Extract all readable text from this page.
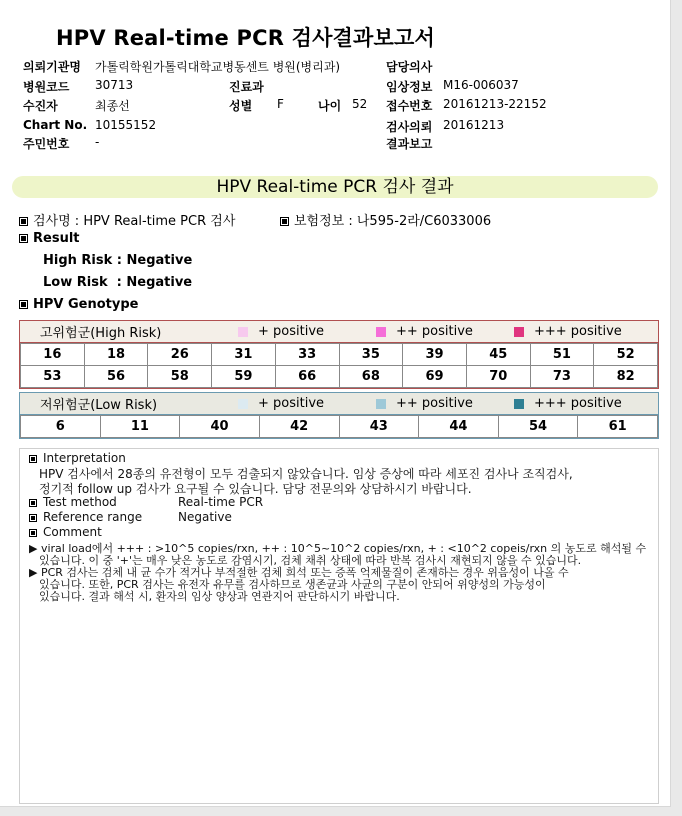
HPV Real-time PCR 검사결과보고서
의뢰기관명 가톨릭학원가톨릭대학교병동센트 병원(병리과)	담당의사
병원코드 30713	진료과	임상정보 M16-006037
수진자	최종선	성별 F	나이 52 접수번호 20161213-22152
Chart No. 10155152	검사의뢰 20161213
주민번호 -	결과보고
HPV Real-time PCR 검사 결과
검사명 : HPV Real-time PCR 검사	보험정보 : 나595-2라/C6033006
Result
High Risk : Negative
Low Risk  : Negative
HPV Genotype
고위험군(High Risk)	+ positive	++ positive	+++ positive
16	18	26	31	33	35	39	45	51	52
53	56	58	59	66	68	69	70	73	82
저위험군(Low Risk)	+ positive	++ positive	+++ positive
6	11	40	42	43	44	54	61
Interpretation
HPV 검사에서 28종의 유전형이 모두 검출되지 않았습니다. 임상 증상에 따라 세포진 검사나 조직검사,
정기적 follow up 검사가 요구될 수 있습니다. 담당 전문의와 상담하시기 바랍니다.
Test method	Real-time PCR
Reference range	Negative
Comment
▶ viral load에서 +++ : >10^5 copies/rxn, ++ : 10^5~10^2 copies/rxn, + : <10^2 copeis/rxn 의 농도로 해석될 수
있습니다. 이 중 '+'는 매우 낮은 농도로 감염시기, 검체 채취 상태에 따라 반복 검사시 재현되지 않을 수 있습니다.
▶ PCR 검사는 검체 내 균 수가 적거나 부적절한 검체 희석 또는 증폭 억제물질이 존재하는 경우 위음성이 나올 수
있습니다. 또한, PCR 검사는 유전자 유무를 검사하므로 생존균과 사균의 구분이 안되어 위양성의 가능성이
있습니다. 결과 해석 시, 환자의 임상 양상과 연관지어 판단하시기 바랍니다.
